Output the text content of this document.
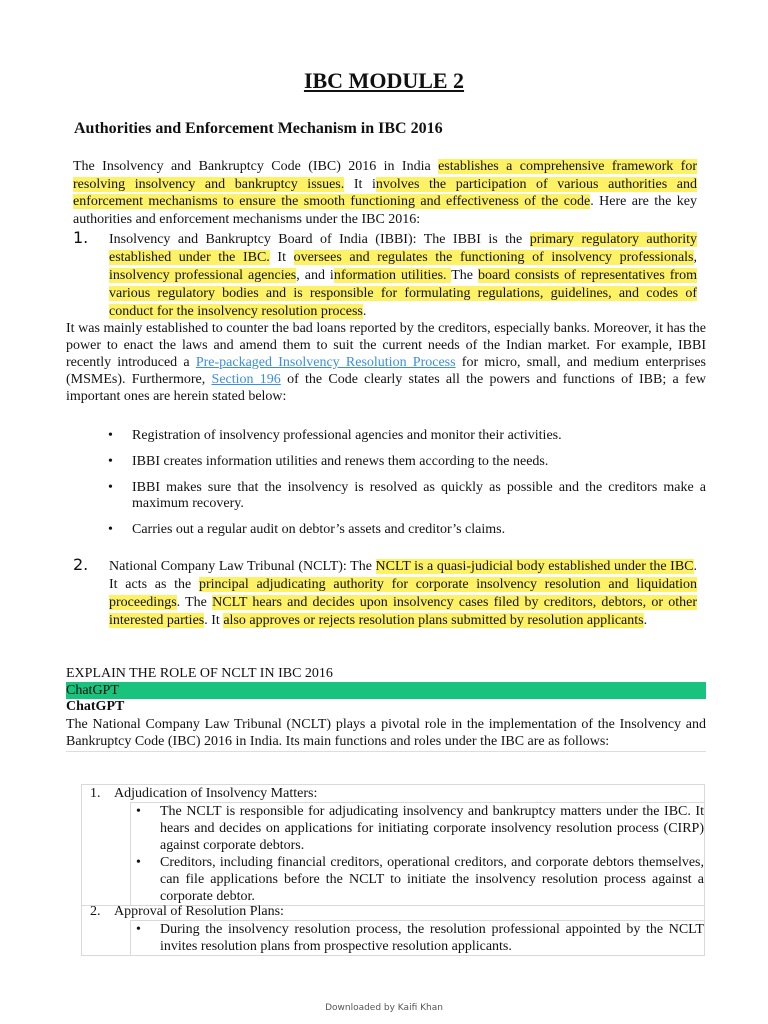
IBC MODULE 2
Authorities and Enforcement Mechanism in IBC 2016

The Insolvency and Bankruptcy Code (IBC) 2016 in India establishes a comprehensive framework for resolving insolvency and bankruptcy issues. It involves the participation of various authorities and enforcement mechanisms to ensure the smooth functioning and effectiveness of the code. Here are the key authorities and enforcement mechanisms under the IBC 2016:

1. Insolvency and Bankruptcy Board of India (IBBI): The IBBI is the primary regulatory authority established under the IBC. It oversees and regulates the functioning of insolvency professionals, insolvency professional agencies, and information utilities. The board consists of representatives from various regulatory bodies and is responsible for formulating regulations, guidelines, and codes of conduct for the insolvency resolution process.

It was mainly established to counter the bad loans reported by the creditors, especially banks. Moreover, it has the power to enact the laws and amend them to suit the current needs of the Indian market. For example, IBBI recently introduced a Pre-packaged Insolvency Resolution Process for micro, small, and medium enterprises (MSMEs). Furthermore, Section 196 of the Code clearly states all the powers and functions of IBB; a few important ones are herein stated below:

• Registration of insolvency professional agencies and monitor their activities.
• IBBI creates information utilities and renews them according to the needs.
• IBBI makes sure that the insolvency is resolved as quickly as possible and the creditors make a maximum recovery.
• Carries out a regular audit on debtor’s assets and creditor’s claims.
2. National Company Law Tribunal (NCLT): The NCLT is a quasi-judicial body established under the IBC. It acts as the principal adjudicating authority for corporate insolvency resolution and liquidation proceedings. The NCLT hears and decides upon insolvency cases filed by creditors, debtors, or other interested parties. It also approves or rejects resolution plans submitted by resolution applicants.
EXPLAIN THE ROLE OF NCLT IN IBC 2016
ChatGPT
ChatGPT

The National Company Law Tribunal (NCLT) plays a pivotal role in the implementation of the Insolvency and Bankruptcy Code (IBC) 2016 in India. Its main functions and roles under the IBC are as follows:

1. Adjudication of Insolvency Matters:
• The NCLT is responsible for adjudicating insolvency and bankruptcy matters under the IBC. It hears and decides on applications for initiating corporate insolvency resolution process (CIRP) against corporate debtors.
• Creditors, including financial creditors, operational creditors, and corporate debtors themselves, can file applications before the NCLT to initiate the insolvency resolution process against a corporate debtor.
2. Approval of Resolution Plans:
• During the insolvency resolution process, the resolution professional appointed by the NCLT invites resolution plans from prospective resolution applicants.
Downloaded by Kaifi Khan
